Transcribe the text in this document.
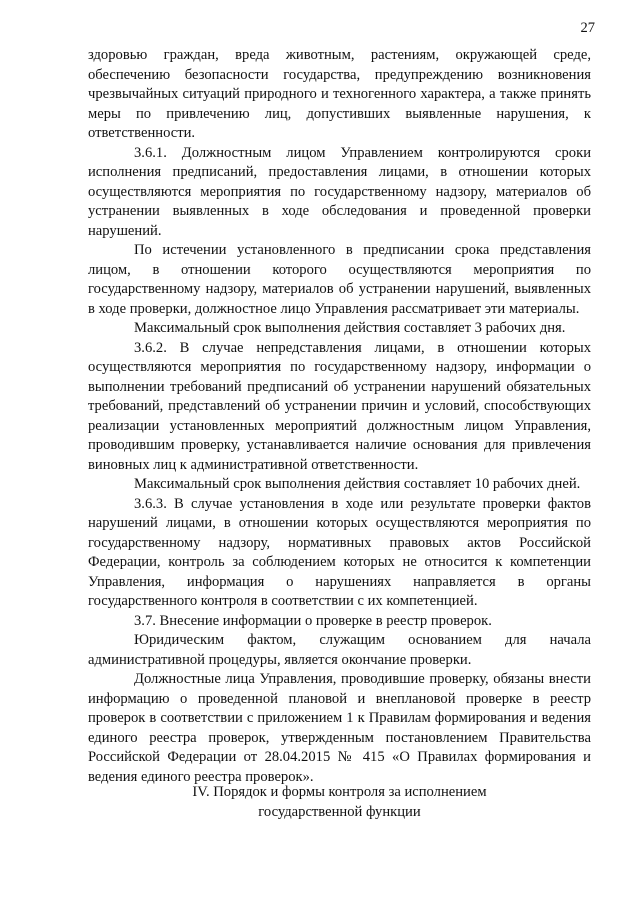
27

здоровью граждан, вреда животным, растениям, окружающей среде, обеспечению безопасности государства, предупреждению возникновения чрезвычайных ситуаций природного и техногенного характера, а также принять меры по привлечению лиц, допустивших выявленные нарушения, к ответственности.

3.6.1. Должностным лицом Управлением контролируются сроки исполнения предписаний, предоставления лицами, в отношении которых осуществляются мероприятия по государственному надзору, материалов об устранении выявленных в ходе обследования и проведенной проверки нарушений.

По истечении установленного в предписании срока представления лицом, в отношении которого осуществляются мероприятия по государственному надзору, материалов об устранении нарушений, выявленных в ходе проверки, должностное лицо Управления рассматривает эти материалы.

Максимальный срок выполнения действия составляет 3 рабочих дня.

3.6.2. В случае непредставления лицами, в отношении которых осуществляются мероприятия по государственному надзору, информации о выполнении требований предписаний об устранении нарушений обязательных требований, представлений об устранении причин и условий, способствующих реализации установленных мероприятий должностным лицом Управления, проводившим проверку, устанавливается наличие основания для привлечения виновных лиц к административной ответственности.

Максимальный срок выполнения действия составляет 10 рабочих дней.

3.6.3. В случае установления в ходе или результате проверки фактов нарушений лицами, в отношении которых осуществляются мероприятия по государственному надзору, нормативных правовых актов Российской Федерации, контроль за соблюдением которых не относится к компетенции Управления, информация о нарушениях направляется в органы государственного контроля в соответствии с их компетенцией.

3.7. Внесение информации о проверке в реестр проверок.

Юридическим фактом, служащим основанием для начала административной процедуры, является окончание проверки.

Должностные лица Управления, проводившие проверку, обязаны внести информацию о проведенной плановой и внеплановой проверке в реестр проверок в соответствии с приложением 1 к Правилам формирования и ведения единого реестра проверок, утвержденным постановлением Правительства Российской Федерации от 28.04.2015 № 415 «О Правилах формирования и ведения единого реестра проверок».

IV. Порядок и формы контроля за исполнением
государственной функции
